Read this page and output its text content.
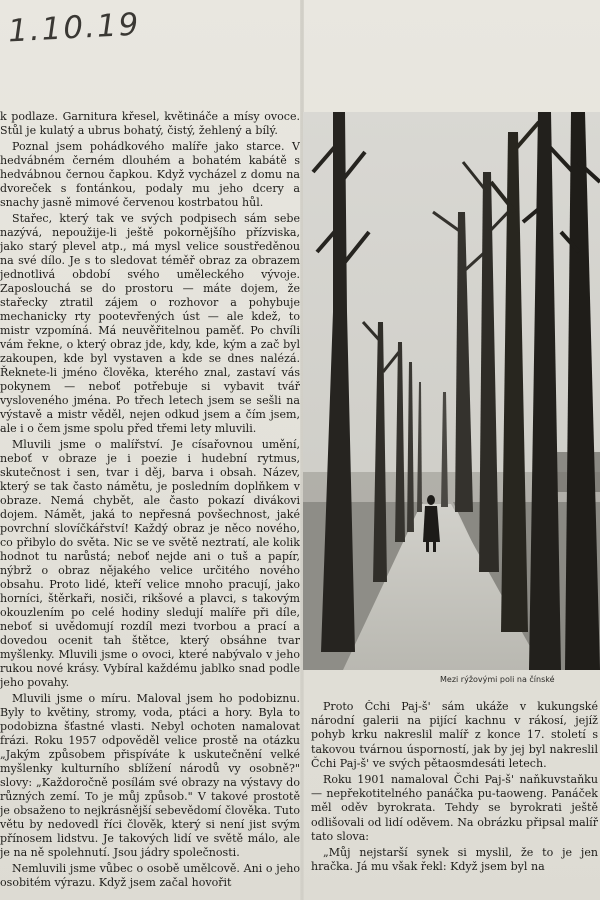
1.10.19

k podlaze. Garnitura křesel, květináče a mísy ovoce. Stůl je kulatý a ubrus bohatý, čistý, žehlený a bílý.

Poznal jsem pohádkového malíře jako starce. V hedvábném černém dlouhém a bohatém kabátě s hedvábnou černou čapkou. Když vycházel z domu na dvoreček s fontánkou, podaly mu jeho dcery a snachy jasně mimové červenou kostrbatou hůl.

Stařec, který tak ve svých podpisech sám sebe nazývá, nepoužije-li ještě pokornějšího přízviska, jako starý plevel atp., má mysl velice soustředěnou na své dílo. Je s to sledovat téměř obraz za obrazem jednotlivá období svého uměleckého vývoje. Zaposlouchá se do prostoru — máte dojem, že stařecky ztratil zájem o rozhovor a pohybuje mechanicky rty pootevřených úst — ale kdež, to mistr vzpomíná. Má neuvěřitelnou paměť. Po chvíli vám řekne, o který obraz jde, kdy, kde, kým a zač byl zakoupen, kde byl vystaven a kde se dnes nalézá. Řeknete-li jméno člověka, kterého znal, zastaví vás pokynem — neboť potřebuje si vybavit tvář vysloveného jména. Po třech letech jsem se sešli na výstavě a mistr věděl, nejen odkud jsem a čím jsem, ale i o čem jsme spolu před třemi lety mluvili.

Mluvili jsme o malířství. Je císařovnou umění, neboť v obraze je i poezie i hudební rytmus, skutečnost i sen, tvar i děj, barva i obsah. Název, který se tak často námětu, je posledním doplňkem v obraze. Nemá chybět, ale často pokazí divákovi dojem. Námět, jaká to nepřesná povšechnost, jaké povrchní slovíčkářství! Každý obraz je něco nového, co přibylo do světa. Nic se ve světě neztratí, ale kolik hodnot tu narůstá; neboť nejde ani o tuš a papír, nýbrž o obraz nějakého velice určitého nového obsahu. Proto lidé, kteří velice mnoho pracují, jako horníci, štěrkaři, nosiči, rikšové a plavci, s takovým okouzlením po celé hodiny sledují malíře při díle, neboť si uvědomují rozdíl mezi tvorbou a prací a dovedou ocenit tah štětce, který obsáhne tvar myšlenky. Mluvili jsme o ovoci, které nabývalo v jeho rukou nové krásy. Vybíral každému jablko snad podle jeho povahy.

Mluvili jsme o míru. Maloval jsem ho podobiznu. Byly to květiny, stromy, voda, ptáci a hory. Byla to podobizna šťastné vlasti. Nebyl ochoten namalovat frázi. Roku 1957 odpověděl velice prostě na otázku „Jakým způsobem přispíváte k uskutečnění velké myšlenky kulturního sblížení národů vy osobně?" slovy: „Každoročně posílám své obrazy na výstavy do různých zemí. To je můj způsob." V takové prostotě je obsaženo to nejkrásnější sebevědomí člověka. Tuto větu by nedovedl říci člověk, který si není jist svým přínosem lidstvu. Je takových lidí ve světě málo, ale je na ně spolehnutí. Jsou jádry společnosti.

Nemluvili jsme vůbec o osobě umělcově. Ani o jeho osobitém výrazu. Když jsem začal hovořit

Mezi rýžovými poli na čínské

Proto Čchi Paj-š' sám ukáže v kukungské národní galerii na pijící kachnu v rákosí, jejíž pohyb krku nakreslil malíř z konce 17. století s takovou tvárnou úsporností, jak by jej byl nakreslil Čchi Paj-š' ve svých pětaosmdesáti letech.

Roku 1901 namaloval Čchi Paj-š' naňkuvstaňku — nepřekotitelného panáčka pu-taoweng. Panáček měl oděv byrokrata. Tehdy se byrokrati ještě odlišovali od lidí oděvem. Na obrázku připsal malíř tato slova:

„Můj nejstarší synek si myslil, že to je jen hračka. Já mu však řekl: Když jsem byl na
